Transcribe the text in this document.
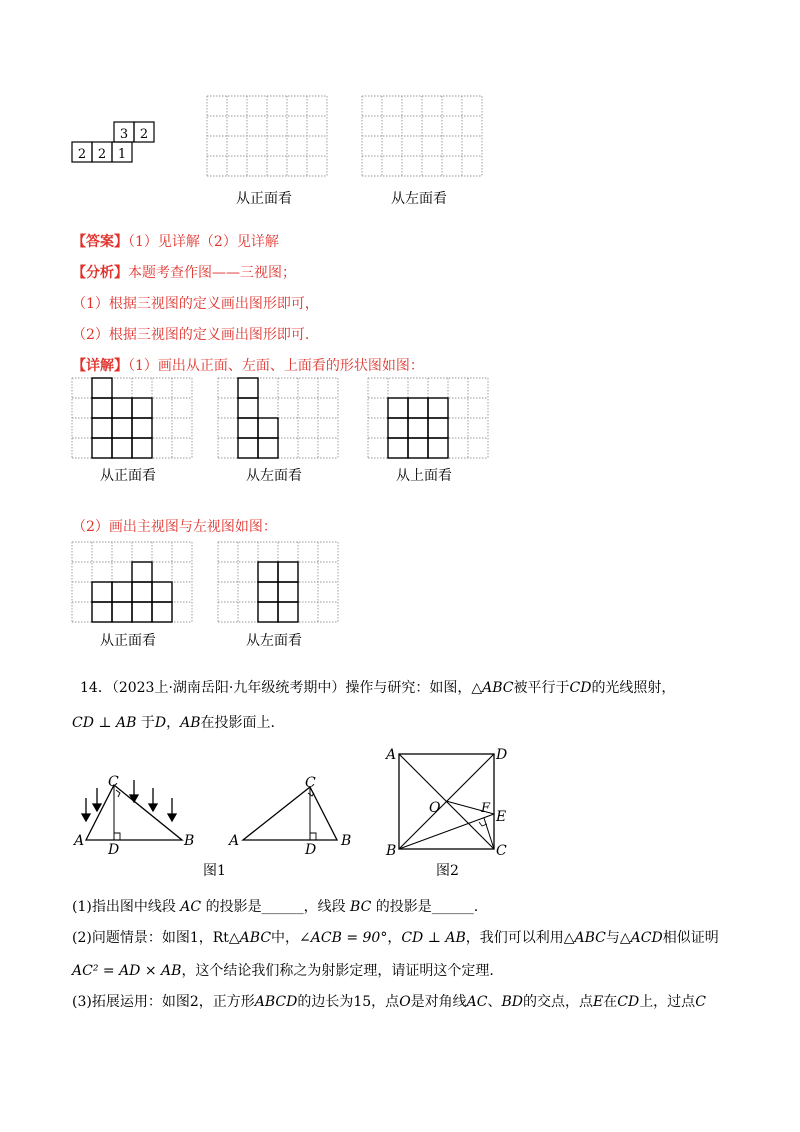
3 2
2 2 1
从正面看	从左面看
【答案】（1）见详解（2）见详解
【分析】本题考查作图——三视图；
（1）根据三视图的定义画出图形即可，
（2）根据三视图的定义画出图形即可.
【详解】（1）画出从正面、左面、上面看的形状图如图：
从正面看	从左面看	从上面看
（2）画出主视图与左视图如图：
从正面看	从左面看
14．（2023上·湖南岳阳·九年级统考期中）操作与研究：如图，△ABC被平行于CD的光线照射，
CD ⊥ AB 于D，AB在投影面上.
A
C
D
B A
C
D
B
图1
A	D
O	F
E
B	C
图2
(1)指出图中线段 AC 的投影是______，线段 BC 的投影是______.
(2)问题情景：如图1，Rt△ABC中，∠ACB = 90°，CD ⊥ AB，我们可以利用△ABC与△ACD相似证明
AC² = AD × AB，这个结论我们称之为射影定理，请证明这个定理.
(3)拓展运用：如图2，正方形ABCD的边长为15，点O是对角线AC、BD的交点，点E在CD上，过点C
